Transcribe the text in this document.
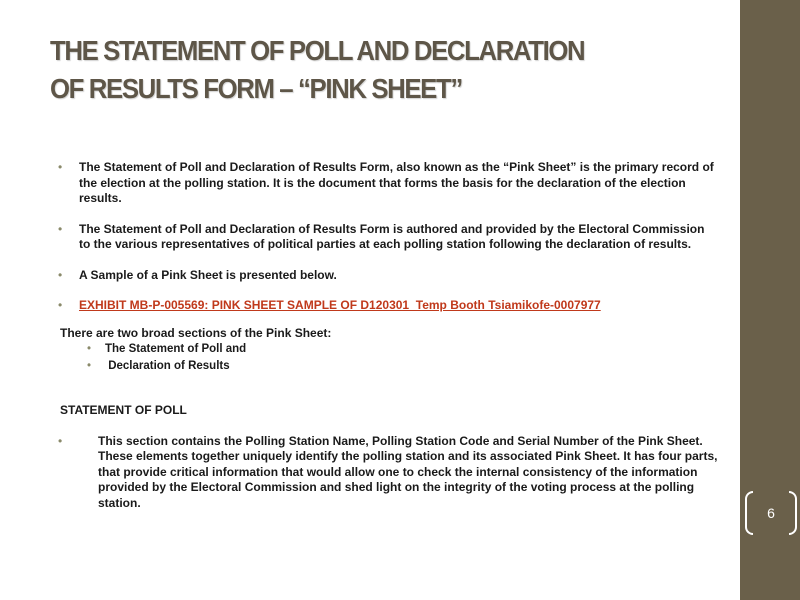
THE STATEMENT OF POLL AND DECLARATION
OF RESULTS FORM – “PINK SHEET”
• The Statement of Poll and Declaration of Results Form, also known as the “Pink Sheet” is the primary record of the election at the polling station. It is the document that forms the basis for the declaration of the election results.
• The Statement of Poll and Declaration of Results Form is authored and provided by the Electoral Commission to the various representatives of political parties at each polling station following the declaration of results.
• A Sample of a Pink Sheet is presented below.
• EXHIBIT MB-P-005569: PINK SHEET SAMPLE OF D120301_Temp Booth Tsiamikofe-0007977
There are two broad sections of the Pink Sheet:
• The Statement of Poll and
• Declaration of Results
STATEMENT OF POLL
•	This section contains the Polling Station Name, Polling Station Code and Serial Number of the Pink Sheet. These elements together uniquely identify the polling station and its associated Pink Sheet. It has four parts, that provide critical information that would allow one to check the internal consistency of the information provided by the Electoral Commission and shed light on the integrity of the voting process at the polling station.
6
